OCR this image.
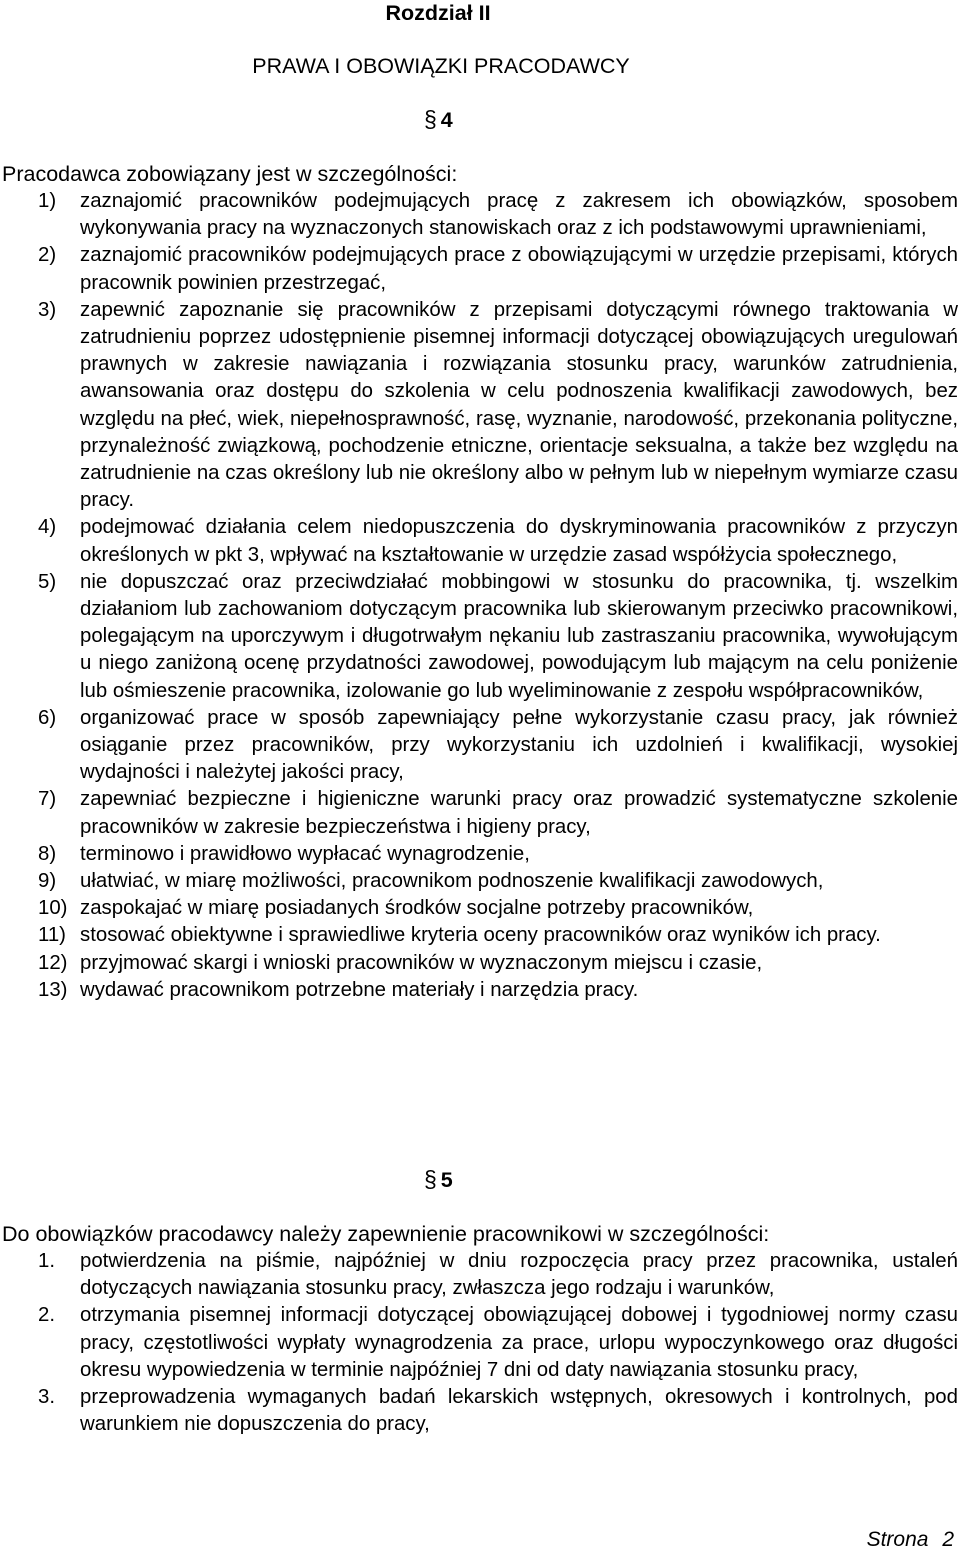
Rozdział II
PRAWA I OBOWIĄZKI PRACODAWCY
§ 4
Pracodawca zobowiązany jest w szczególności:
1) zaznajomić pracowników podejmujących pracę z zakresem ich obowiązków, sposobem wykonywania pracy na wyznaczonych stanowiskach oraz z ich podstawowymi uprawnieniami,
2) zaznajomić pracowników podejmujących prace z obowiązującymi w urzędzie przepisami, których pracownik powinien przestrzegać,
3) zapewnić zapoznanie się pracowników z przepisami dotyczącymi równego traktowania w zatrudnieniu poprzez udostępnienie pisemnej informacji dotyczącej obowiązujących uregulowań prawnych w zakresie nawiązania i rozwiązania stosunku pracy, warunków zatrudnienia, awansowania oraz dostępu do szkolenia w celu podnoszenia kwalifikacji zawodowych, bez względu na płeć, wiek, niepełnosprawność, rasę, wyznanie, narodowość, przekonania polityczne, przynależność związkową, pochodzenie etniczne, orientacje seksualna, a także bez względu na zatrudnienie na czas określony lub nie określony albo w pełnym lub w niepełnym wymiarze czasu pracy.
4) podejmować działania celem niedopuszczenia do dyskryminowania pracowników z przyczyn określonych w pkt 3, wpływać na kształtowanie w urzędzie zasad współżycia społecznego,
5) nie dopuszczać oraz przeciwdziałać mobbingowi w stosunku do pracownika, tj. wszelkim działaniom lub zachowaniom dotyczącym pracownika lub skierowanym przeciwko pracownikowi, polegającym na uporczywym i długotrwałym nękaniu lub zastraszaniu pracownika, wywołującym u niego zaniżoną ocenę przydatności zawodowej, powodującym lub mającym na celu poniżenie lub ośmieszenie pracownika, izolowanie go lub wyeliminowanie z zespołu współpracowników,
6) organizować prace w sposób zapewniający pełne wykorzystanie czasu pracy, jak również osiąganie przez pracowników, przy wykorzystaniu ich uzdolnień i kwalifikacji, wysokiej wydajności i należytej jakości pracy,
7) zapewniać bezpieczne i higieniczne warunki pracy oraz prowadzić systematyczne szkolenie pracowników w zakresie bezpieczeństwa i higieny pracy,
8) terminowo i prawidłowo wypłacać wynagrodzenie,
9) ułatwiać, w miarę możliwości, pracownikom podnoszenie kwalifikacji zawodowych,
10) zaspokajać w miarę posiadanych środków socjalne potrzeby pracowników,
11) stosować obiektywne i sprawiedliwe kryteria oceny pracowników oraz wyników ich pracy.
12) przyjmować skargi i wnioski pracowników w wyznaczonym miejscu i czasie,
13) wydawać pracownikom potrzebne materiały i narzędzia pracy.
§ 5
Do obowiązków pracodawcy należy zapewnienie pracownikowi w szczególności:
1. potwierdzenia na piśmie, najpóźniej w dniu rozpoczęcia pracy przez pracownika, ustaleń dotyczących nawiązania stosunku pracy, zwłaszcza jego rodzaju i warunków,
2. otrzymania pisemnej informacji dotyczącej obowiązującej dobowej i tygodniowej normy czasu pracy, częstotliwości wypłaty wynagrodzenia za prace, urlopu wypoczynkowego oraz długości okresu wypowiedzenia w terminie najpóźniej 7 dni od daty nawiązania stosunku pracy,
3. przeprowadzenia wymaganych badań lekarskich wstępnych, okresowych i kontrolnych, pod warunkiem nie dopuszczenia do pracy,
Strona 2
